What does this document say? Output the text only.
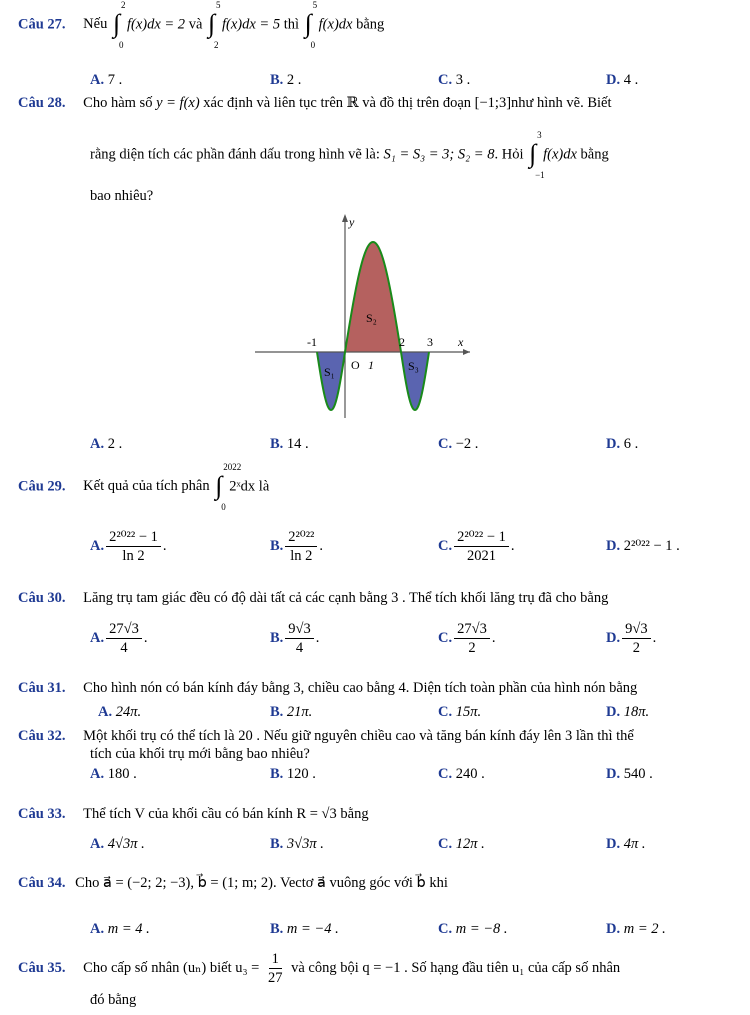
Câu 27. Nếu ∫
2
0
f(x)dx = 2 và ∫
5
2
f(x)dx = 5 thì ∫
5
0
f(x)dx bằng
A. 7 .	B. 2 .	C. 3 .	D. 4 .
Câu 28. Cho hàm số y = f(x) xác định và liên tục trên ℝ và đồ thị trên đoạn [−1;3]như hình vẽ. Biết
rằng diện tích các phần đánh dấu trong hình vẽ là: S₁ = S₃ = 3; S₂ = 8. Hỏi ∫
3
−1
f(x)dx bằng
bao nhiêu?
y
x
O
-1
1
2 3
S₁
S₂
S₃
A. 2 .	B. 14 .	C. −2 .	D. 6 .
Câu 29. Kết quả của tích phân ∫
2022
0
2ˣdx là
A. $\frac{\text{2²⁰²² − 1}}{\ln 2}$ .	B. $\frac{\text{2²⁰²²}}{\ln 2}$ .	C. $\frac{\text{2²⁰²² − 1}}{2021}$ .	D. 2²⁰²² − 1 .
Câu 30. Lăng trụ tam giác đều có độ dài tất cả các cạnh bằng 3 . Thể tích khối lăng trụ đã cho bằng
A. $\frac{27√3}{4}$ .	B. $\frac{9√3}{4}$ .	C. $\frac{27√3}{2}$ .	D. $\frac{9√3}{2}$ .
Câu 31. Cho hình nón có bán kính đáy bằng 3, chiều cao bằng 4. Diện tích toàn phần của hình nón bằng
A. 24π.	B. 21π.	C. 15π.	D. 18π.
Câu 32. Một khối trụ có thể tích là 20 . Nếu giữ nguyên chiều cao và tăng bán kính đáy lên 3 lần thì thể
tích của khối trụ mới bằng bao nhiêu?
A. 180 .	B. 120 .	C. 240 .	D. 540 .
Câu 33. Thể tích V của khối cầu có bán kính R = √3 bằng
A. 4√3π .	B. 3√3π .	C. 12π .	D. 4π .
Câu 34. Cho a⃗ = (−2; 2; −3), b⃗ = (1; m; 2). Vectơ a⃗ vuông góc với b⃗ khi
A. m = 4 .	B. m = −4 .	C. m = −8 .	D. m = 2 .
Câu 35. Cho cấp số nhân (uₙ) biết $u_3 = \frac{1}{27}$ và công bội q = −1 . Số hạng đầu tiên u₁ của cấp số nhân
đó bằng
